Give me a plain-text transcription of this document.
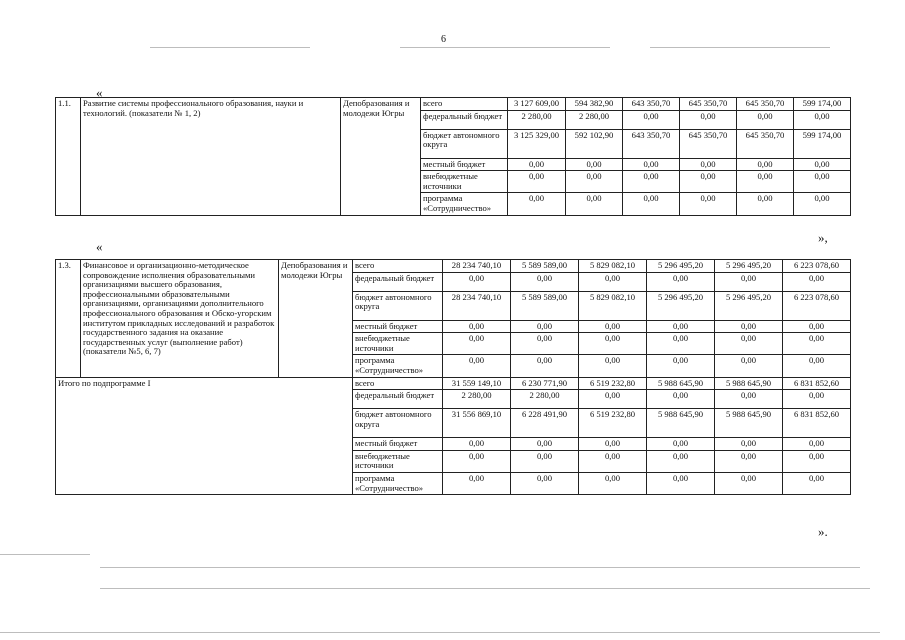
6
«
1.1.	Развитие системы профессионального образования, науки и технологий. (показатели № 1, 2)	Депобразования и молодежи Югры	всего	3 127 609,00	594 382,90	643 350,70	645 350,70	645 350,70	599 174,00
			федеральный бюджет	2 280,00	2 280,00	0,00	0,00	0,00	0,00
			бюджет автономного округа	3 125 329,00	592 102,90	643 350,70	645 350,70	645 350,70	599 174,00
			местный бюджет	0,00	0,00	0,00	0,00	0,00	0,00
			внебюджетные источники	0,00	0,00	0,00	0,00	0,00	0,00
			программа «Сотрудничество»	0,00	0,00	0,00	0,00	0,00	0,00
»,
«
1.3.	Финансовое и организационно-методическое сопровождение исполнения образовательными организациями высшего образования, профессиональными образовательными организациями, организациями дополнительного профессионального образования и Обско-угорским институтом прикладных исследований и разработок государственного задания на оказание государственных услуг (выполнение работ) (показатели №5, 6, 7)	Депобразования и молодежи Югры	всего	28 234 740,10	5 589 589,00	5 829 082,10	5 296 495,20	5 296 495,20	6 223 078,60
			федеральный бюджет	0,00	0,00	0,00	0,00	0,00	0,00
			бюджет автономного округа	28 234 740,10	5 589 589,00	5 829 082,10	5 296 495,20	5 296 495,20	6 223 078,60
			местный бюджет	0,00	0,00	0,00	0,00	0,00	0,00
			внебюджетные источники	0,00	0,00	0,00	0,00	0,00	0,00
			программа «Сотрудничество»	0,00	0,00	0,00	0,00	0,00	0,00
Итого по подпрограмме I			всего	31 559 149,10	6 230 771,90	6 519 232,80	5 988 645,90	5 988 645,90	6 831 852,60
			федеральный бюджет	2 280,00	2 280,00	0,00	0,00	0,00	0,00
			бюджет автономного округа	31 556 869,10	6 228 491,90	6 519 232,80	5 988 645,90	5 988 645,90	6 831 852,60
			местный бюджет	0,00	0,00	0,00	0,00	0,00	0,00
			внебюджетные источники	0,00	0,00	0,00	0,00	0,00	0,00
			программа «Сотрудничество»	0,00	0,00	0,00	0,00	0,00	0,00
».
